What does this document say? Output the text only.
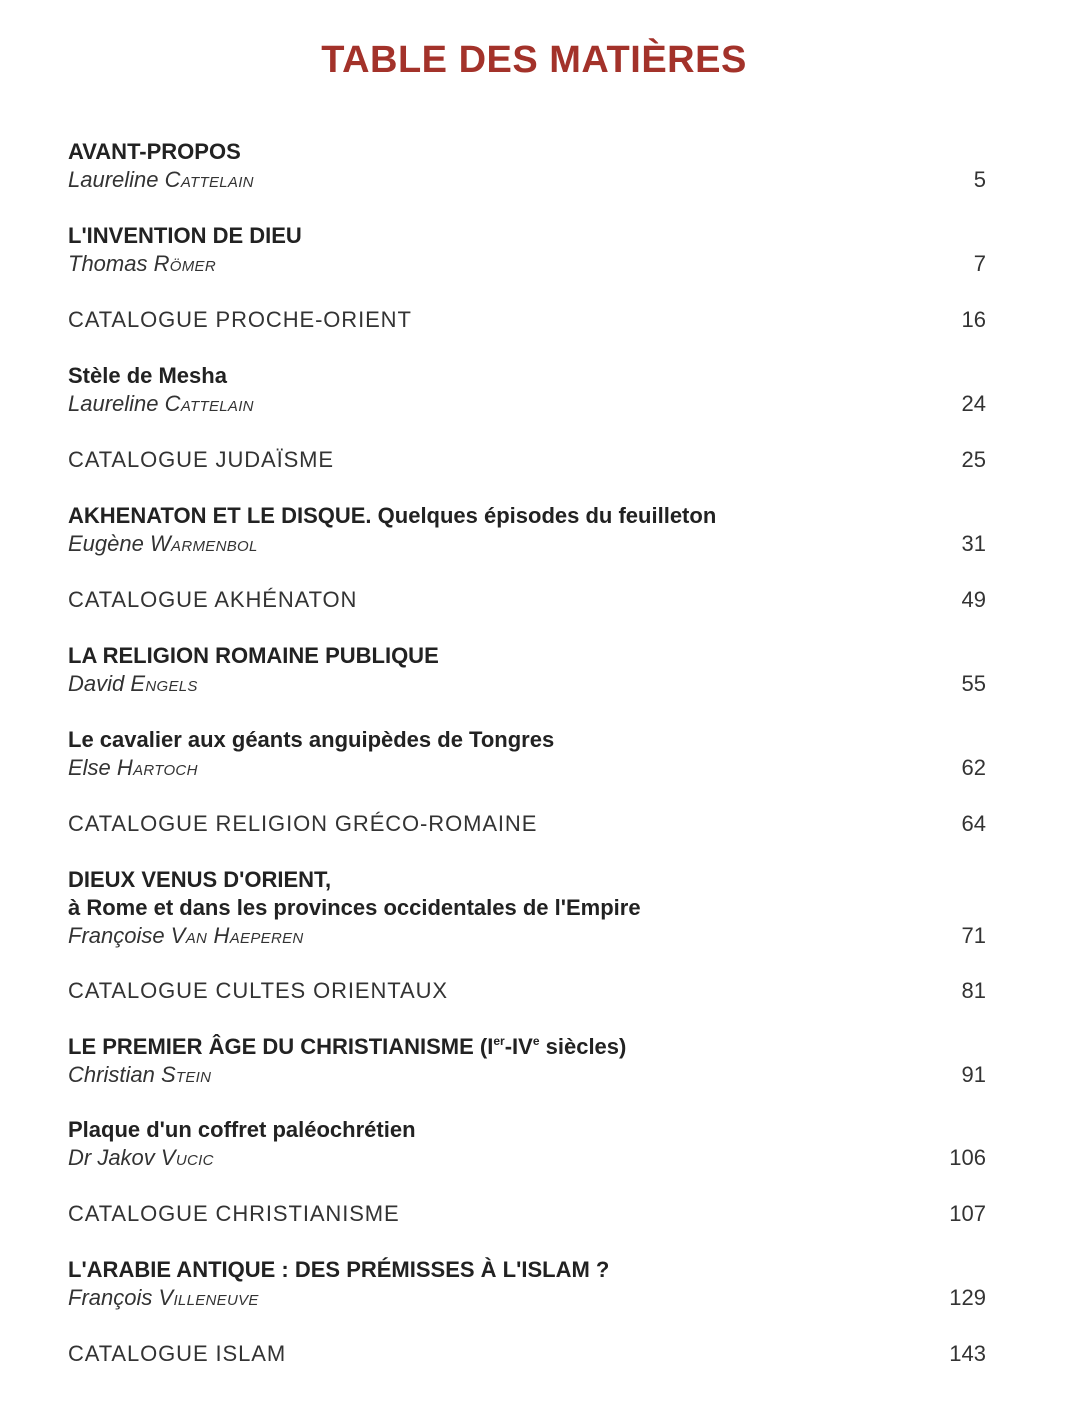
TABLE DES MATIÈRES
AVANT-PROPOS
Laureline Cattelain	5
L'INVENTION DE DIEU
Thomas Römer	7
CATALOGUE PROCHE-ORIENT	16
Stèle de Mesha
Laureline Cattelain	24
CATALOGUE JUDAÏSME	25
AKHENATON ET LE DISQUE. Quelques épisodes du feuilleton
Eugène Warmenbol	31
CATALOGUE AKHÉNATON	49
LA RELIGION ROMAINE PUBLIQUE
David Engels	55
Le cavalier aux géants anguipèdes de Tongres
Else Hartoch	62
CATALOGUE RELIGION GRÉCO-ROMAINE	64
DIEUX VENUS D'ORIENT,
à Rome et dans les provinces occidentales de l'Empire
Françoise Van Haeperen	71
CATALOGUE CULTES ORIENTAUX	81
LE PREMIER ÂGE DU CHRISTIANISME (Ier-IVe siècles)
Christian Stein	91
Plaque d'un coffret paléochrétien
Dr Jakov Vucic	106
CATALOGUE CHRISTIANISME	107
L'ARABIE ANTIQUE : DES PRÉMISSES À L'ISLAM ?
François Villeneuve	129
CATALOGUE ISLAM	143
